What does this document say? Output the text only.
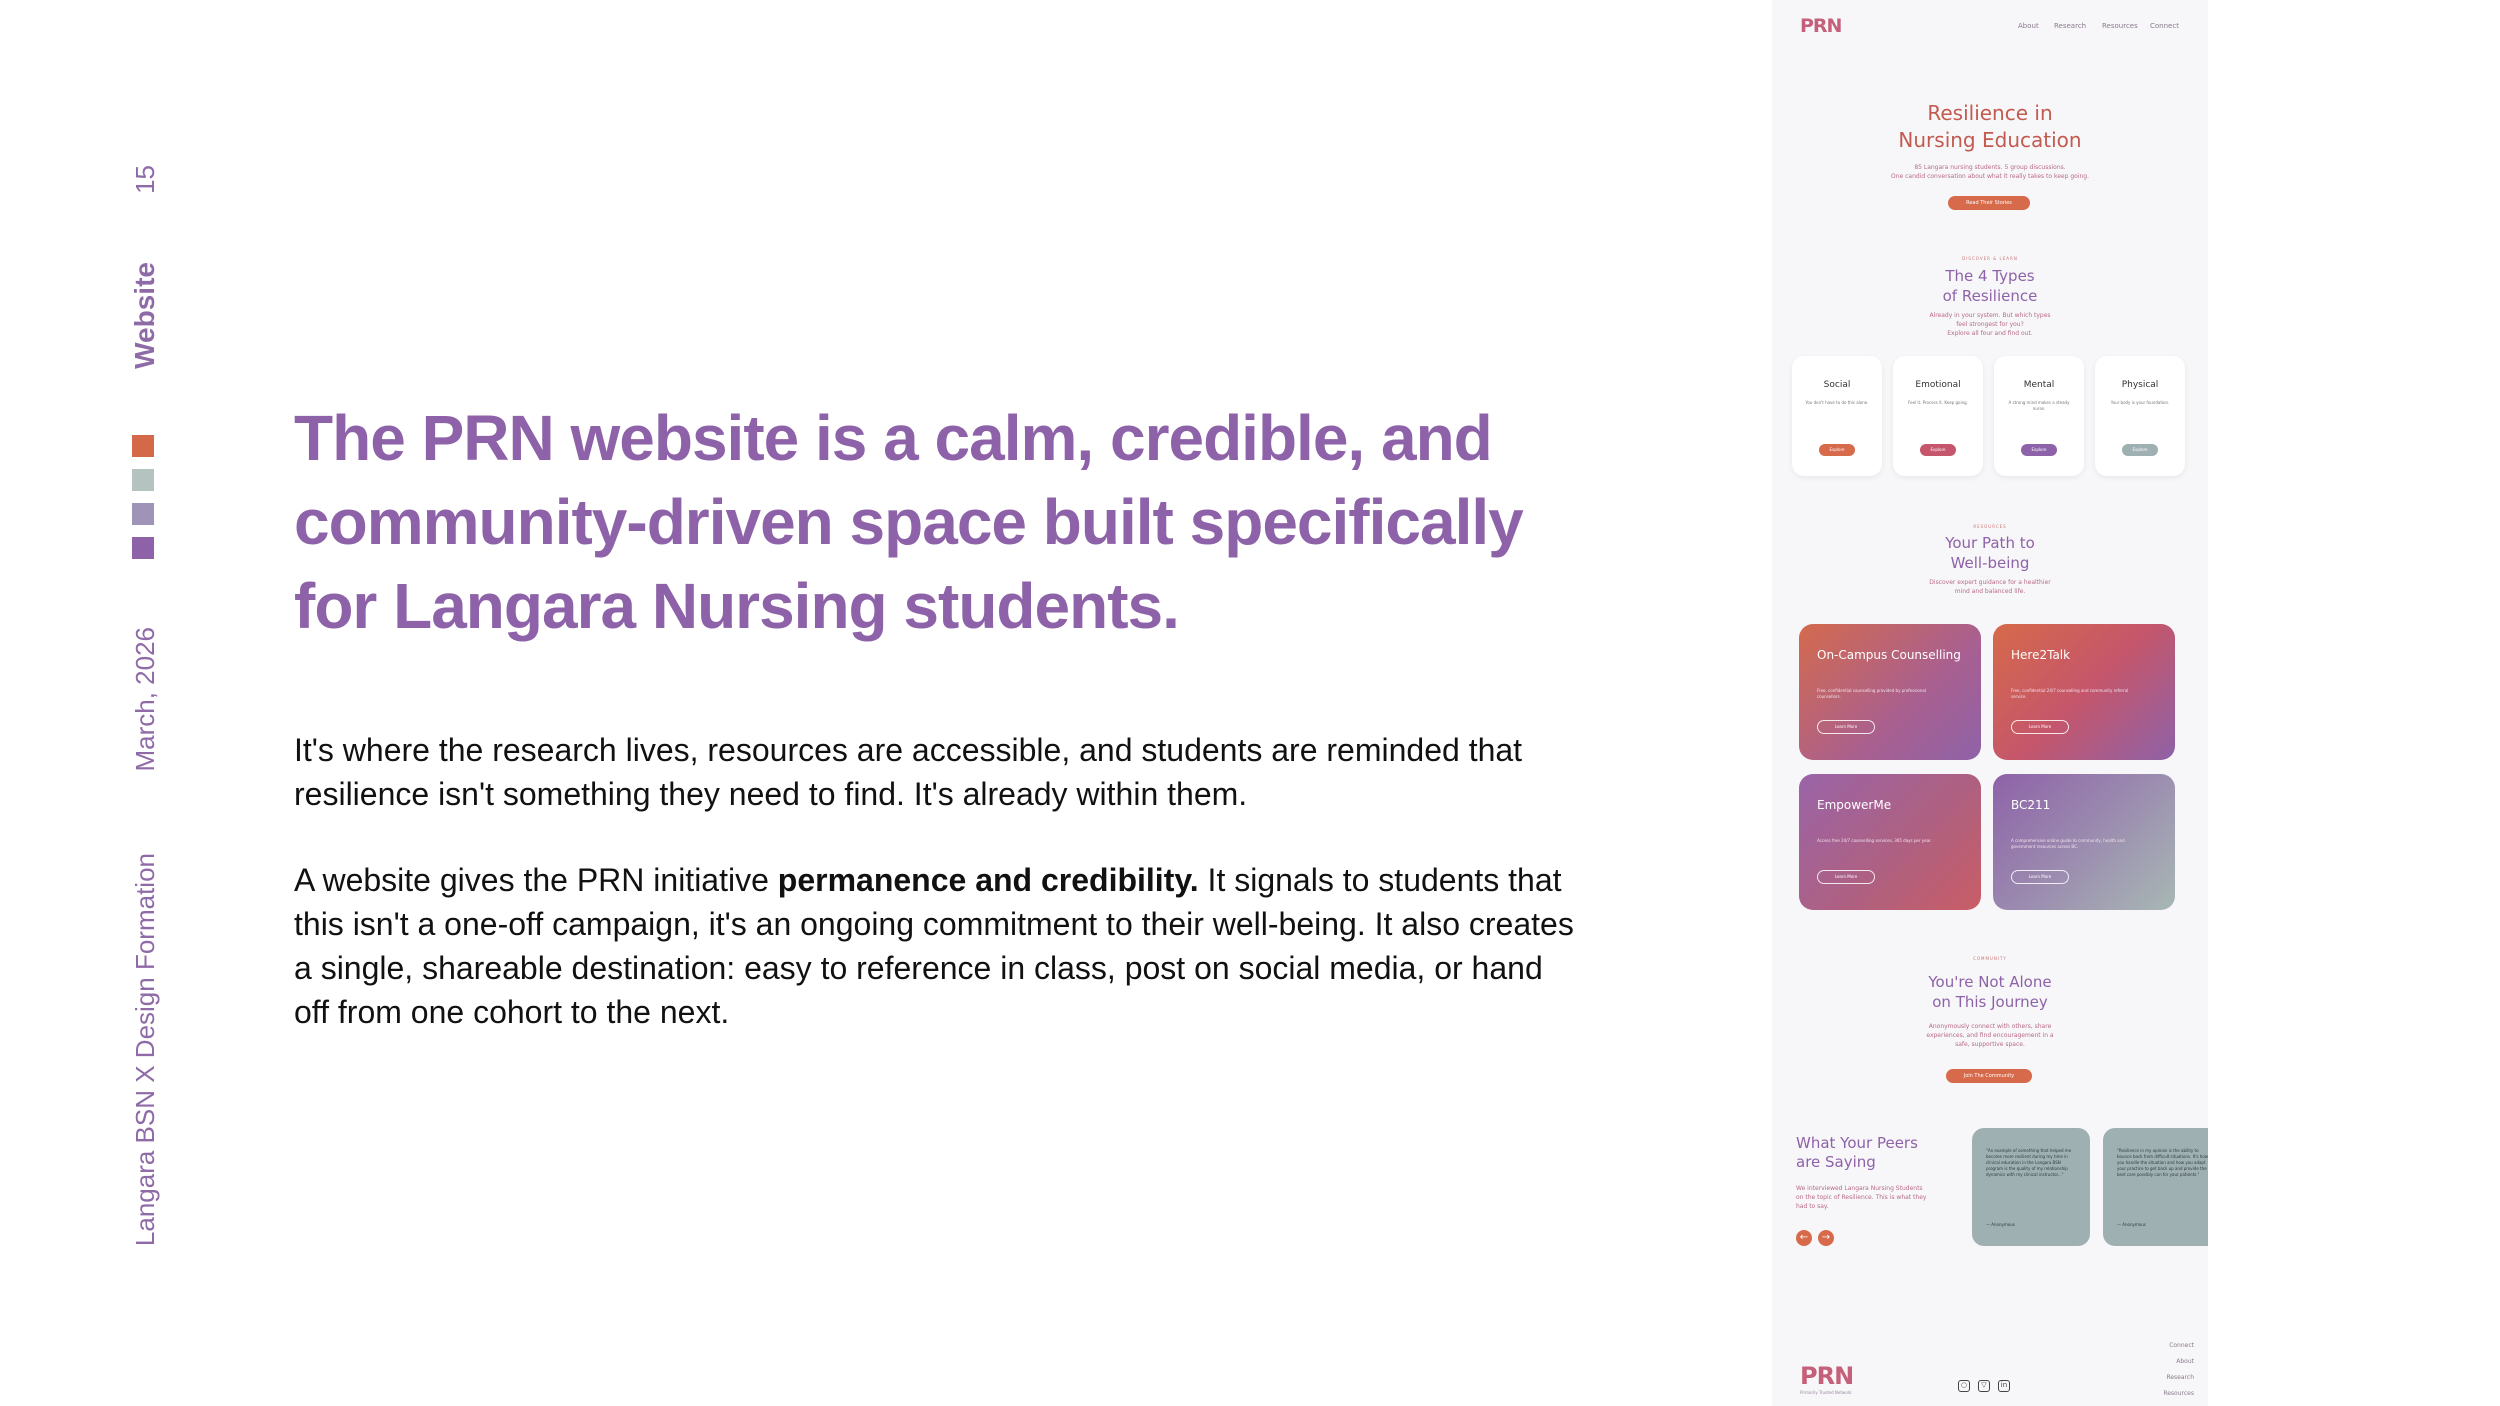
15
Website
March, 2026
Langara BSN X Design Formation
The PRN website is a calm, credible, and community-driven space built specifically for Langara Nursing students.

It's where the research lives, resources are accessible, and students are reminded that resilience isn't something they need to find. It's already within them.

A website gives the PRN initiative permanence and credibility. It signals to students that this isn't a one-off campaign, it's an ongoing commitment to their well-being. It also creates a single, shareable destination: easy to reference in class, post on social media, or hand off from one cohort to the next.

PRN	About Research Resources Connect
Resilience in
Nursing Education
85 Langara nursing students. 5 group discussions.
One candid conversation about what it really takes to keep going.
Read Their Stories
DISCOVER & LEARN
The 4 Types
of Resilience
Already in your system. But which types
feel strongest for you?
Explore all four and find out.
Social
You don't have to do this alone.
Explore
Emotional
Feel it. Process it. Keep going.
Explore
Mental
A strong mind makes a steady nurse.
Explore
Physical
Your body is your foundation.
Explore
RESOURCES
Your Path to
Well-being
Discover expert guidance for a healthier
mind and balanced life.
On-Campus Counselling
Free, confidential counselling provided by professional counsellors.
Learn More
Here2Talk
Free, confidential 24/7 counselling and community referral service.
Learn More
EmpowerMe
Access free 24/7 counselling services, 365 days per year.
Learn More
BC211
A comprehensive online guide to community, health and government resources across BC.
Learn More
COMMUNITY
You're Not Alone
on This Journey
Anonymously connect with others, share
experiences, and find encouragement in a
safe, supportive space.
Join The Community
What Your Peers
are Saying
We interviewed Langara Nursing Students
on the topic of Resilience. This is what they
had to say.
←	→
"An example of something that helped me become more resilient during my time in clinical education in the Langara BSN program is the quality of my relationship dynamics with my clinical instructor..."
— Anonymous
"Resilience in my opinion is the ability to bounce back from difficult situations. It's how you handle the situation and how you adapt your practice to get back up and provide the best care possibly can for your patients."
— Anonymous
PRN
Primarily Trusted Network
○	▽	in
Connect
About
Research
Resources
